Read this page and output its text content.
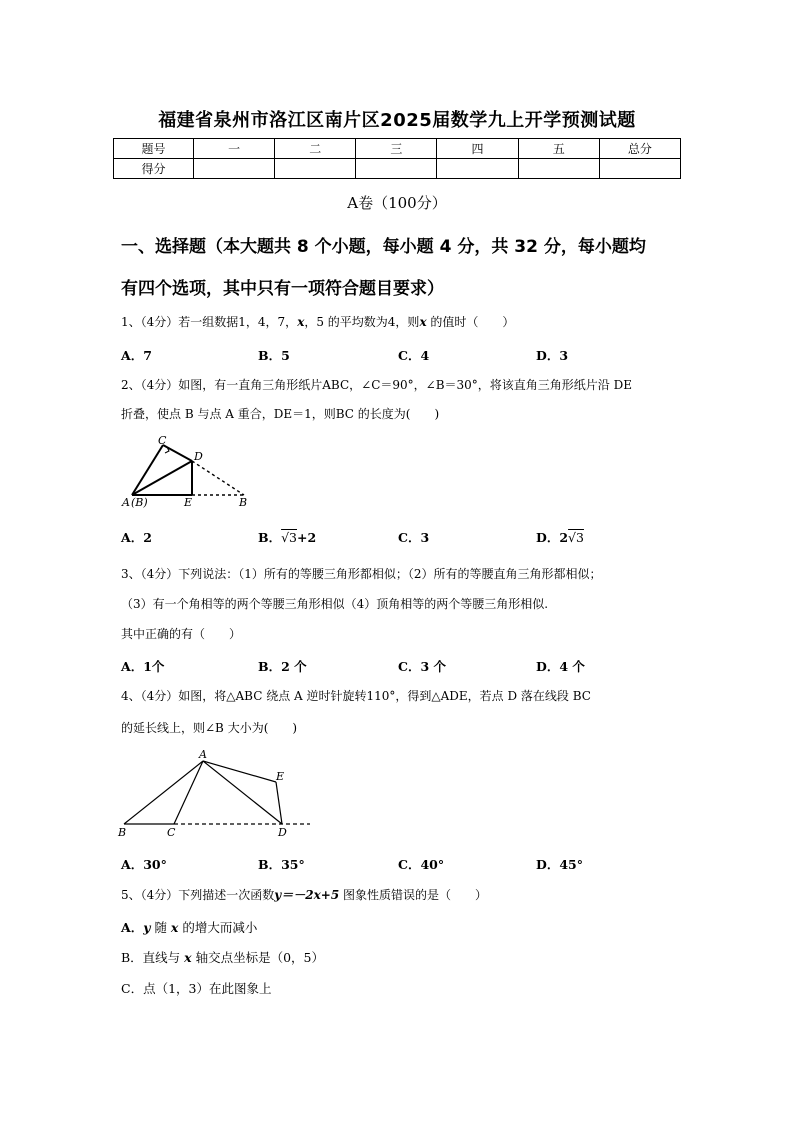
福建省泉州市洛江区南片区2025届数学九上开学预测试题
题号	一	二	三	四	五	总分
得分						
A卷（100分）
一、选择题（本大题共 8 个小题，每小题 4 分，共 32 分，每小题均
有四个选项，其中只有一项符合题目要求）
1、（4分）若一组数据1，4，7，x，5 的平均数为4，则x 的值时（　　）
A．7	B．5	C．4	D．3
2、（4分）如图，有一直角三角形纸片ABC，∠C＝90°，∠B＝30°，将该直角三角形纸片沿 DE
折叠，使点 B 与点 A 重合，DE＝1，则BC 的长度为(　　)
C
D
A (B)	E	B
A．2	B．√3+2	C．3	D．2√3
3、（4分）下列说法：（1）所有的等腰三角形都相似；（2）所有的等腰直角三角形都相似；
（3）有一个角相等的两个等腰三角形相似（4）顶角相等的两个等腰三角形相似.
其中正确的有（　　）
A．1个	B．2 个	C．3 个	D．4 个
4、（4分）如图，将△ABC 绕点 A 逆时针旋转110°，得到△ADE，若点 D 落在线段 BC
的延长线上，则∠B 大小为(　　)
A
E
B	C	D
A．30°	B．35°	C．40°	D．45°
5、（4分）下列描述一次函数y＝－2x+5 图象性质错误的是（　　）
A．y 随 x 的增大而减小
B．直线与 x 轴交点坐标是（0，5）
C．点（1，3）在此图象上
